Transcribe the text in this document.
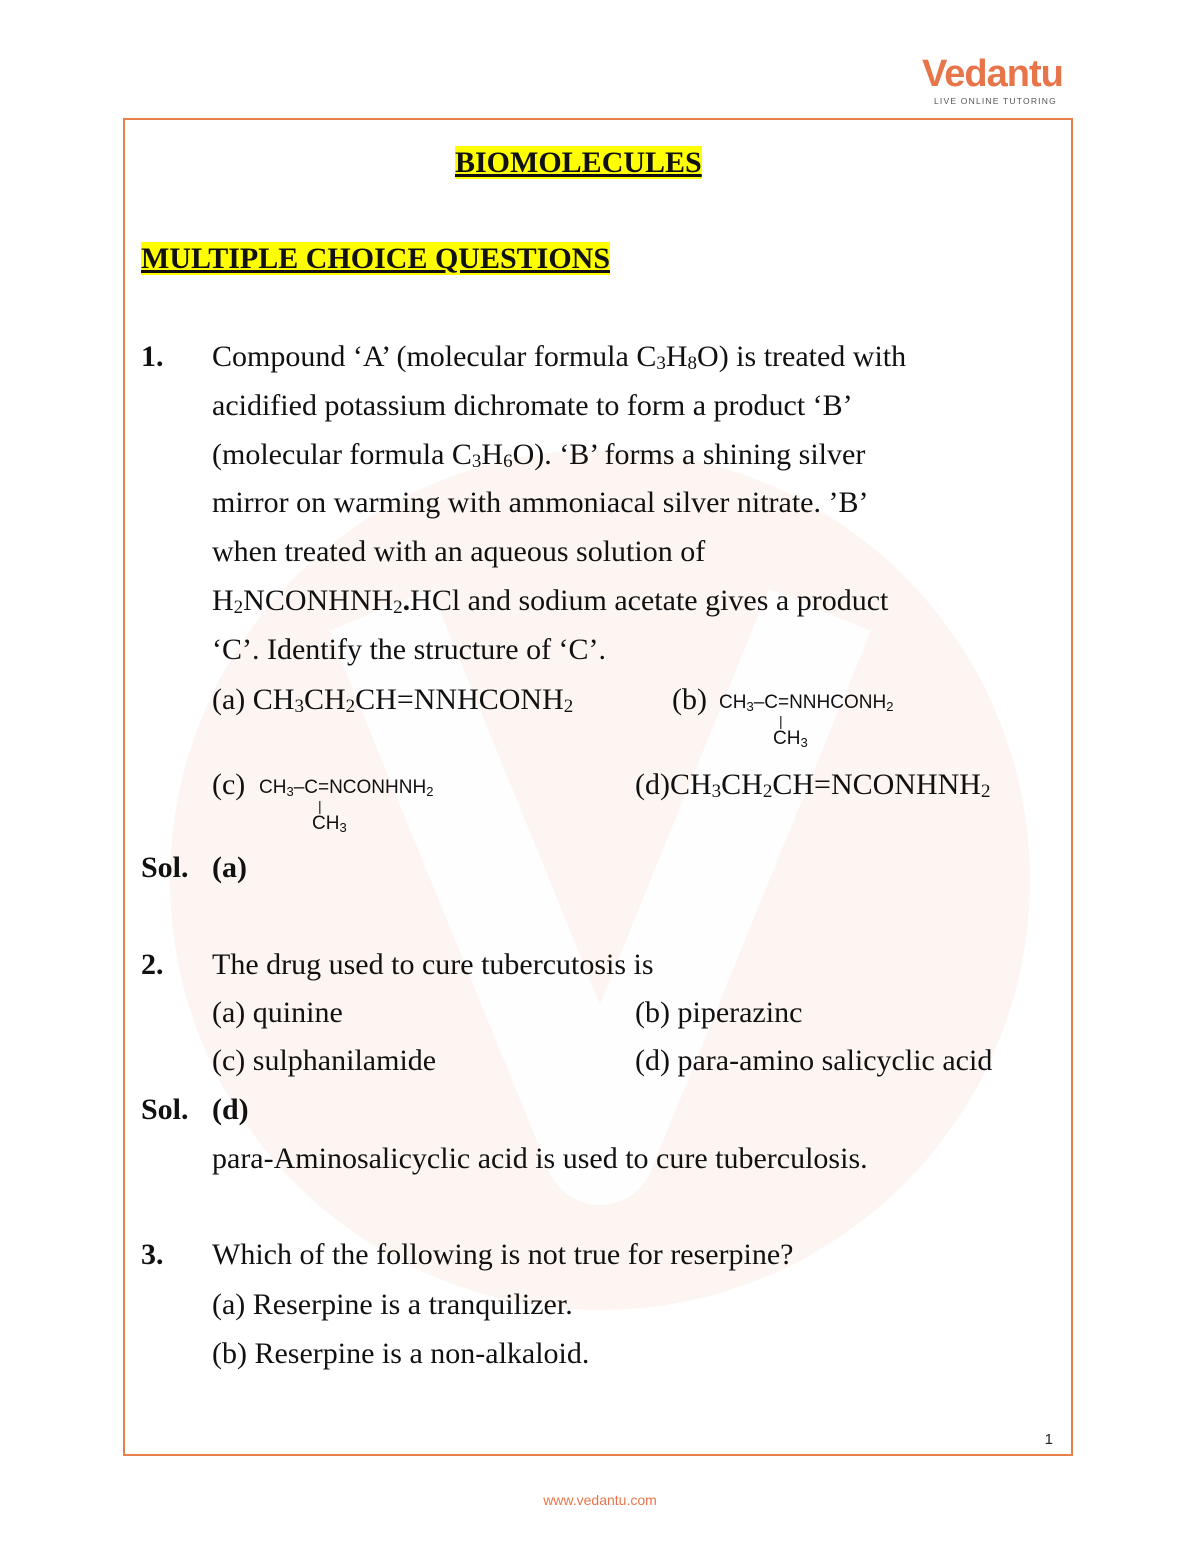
Vedantu
LIVE ONLINE TUTORING
1
BIOMOLECULES
MULTIPLE CHOICE QUESTIONS
1. Compound ‘A’ (molecular formula $C_3H_8O$) is treated with
acidified potassium dichromate to form a product ‘B’
(molecular formula $C_3H_6O$). ‘B’ forms a shining silver
mirror on warming with ammoniacal silver nitrate. ’B’
when treated with an aqueous solution of
$H_2NCONHNH_2.HCl$ and sodium acetate gives a product
‘C’. Identify the structure of ‘C’.
(a) $CH_3CH_2CH=NNHCONH_2$	(b) $CH_3-C=NNHCONH_2$
|
$CH_3$
(c) $CH_3-C=NCONHNH_2$
|
$CH_3$
$(d)CH_3CH_2CH=NCONHNH_2$
Sol. (a)
2. The drug used to cure tubercutosis is
(a) quinine	(b) piperazinc
(c) sulphanilamide	(d) para-amino salicyclic acid
Sol. (d)
para-Aminosalicyclic acid is used to cure tuberculosis.
3. Which of the following is not true for reserpine?
(a) Reserpine is a tranquilizer.
(b) Reserpine is a non-alkaloid.
www.vedantu.com
